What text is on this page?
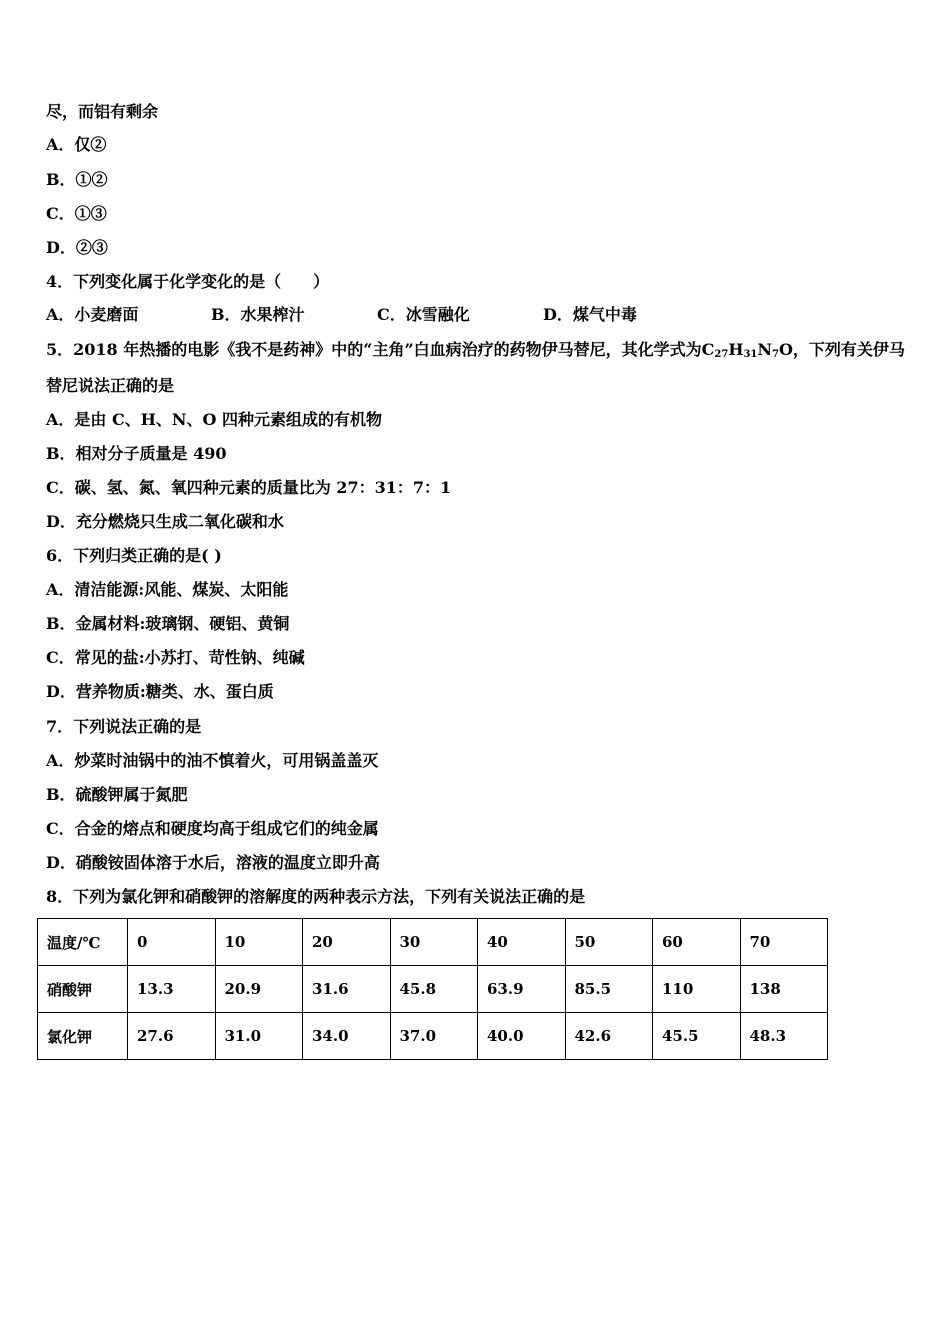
尽，而铝有剩余
A．仅②
B．①②
C．①③
D．②③
4．下列变化属于化学变化的是（　　）
A．小麦磨面	B．水果榨汁	C．冰雪融化	D．煤气中毒
5．2018 年热播的电影《我不是药神》中的“主角”白血病治疗的药物伊马替尼，其化学式为$C_{27}H_{31}N_7O$，下列有关伊马
替尼说法正确的是
A．是由 C、H、N、O 四种元素组成的有机物
B．相对分子质量是 490
C．碳、氢、氮、氧四种元素的质量比为 27：31：7：1
D．充分燃烧只生成二氧化碳和水
6．下列归类正确的是( )
A．清洁能源:风能、煤炭、太阳能
B．金属材料:玻璃钢、硬铝、黄铜
C．常见的盐:小苏打、苛性钠、纯碱
D．营养物质:糖类、水、蛋白质
7．下列说法正确的是
A．炒菜时油锅中的油不慎着火，可用锅盖盖灭
B．硫酸钾属于氮肥
C．合金的熔点和硬度均高于组成它们的纯金属
D．硝酸铵固体溶于水后，溶液的温度立即升高
8．下列为氯化钾和硝酸钾的溶解度的两种表示方法，下列有关说法正确的是
温度/℃	0	10	20	30	40	50	60	70
硝酸钾	13.3	20.9	31.6	45.8	63.9	85.5	110	138
氯化钾	27.6	31.0	34.0	37.0	40.0	42.6	45.5	48.3
